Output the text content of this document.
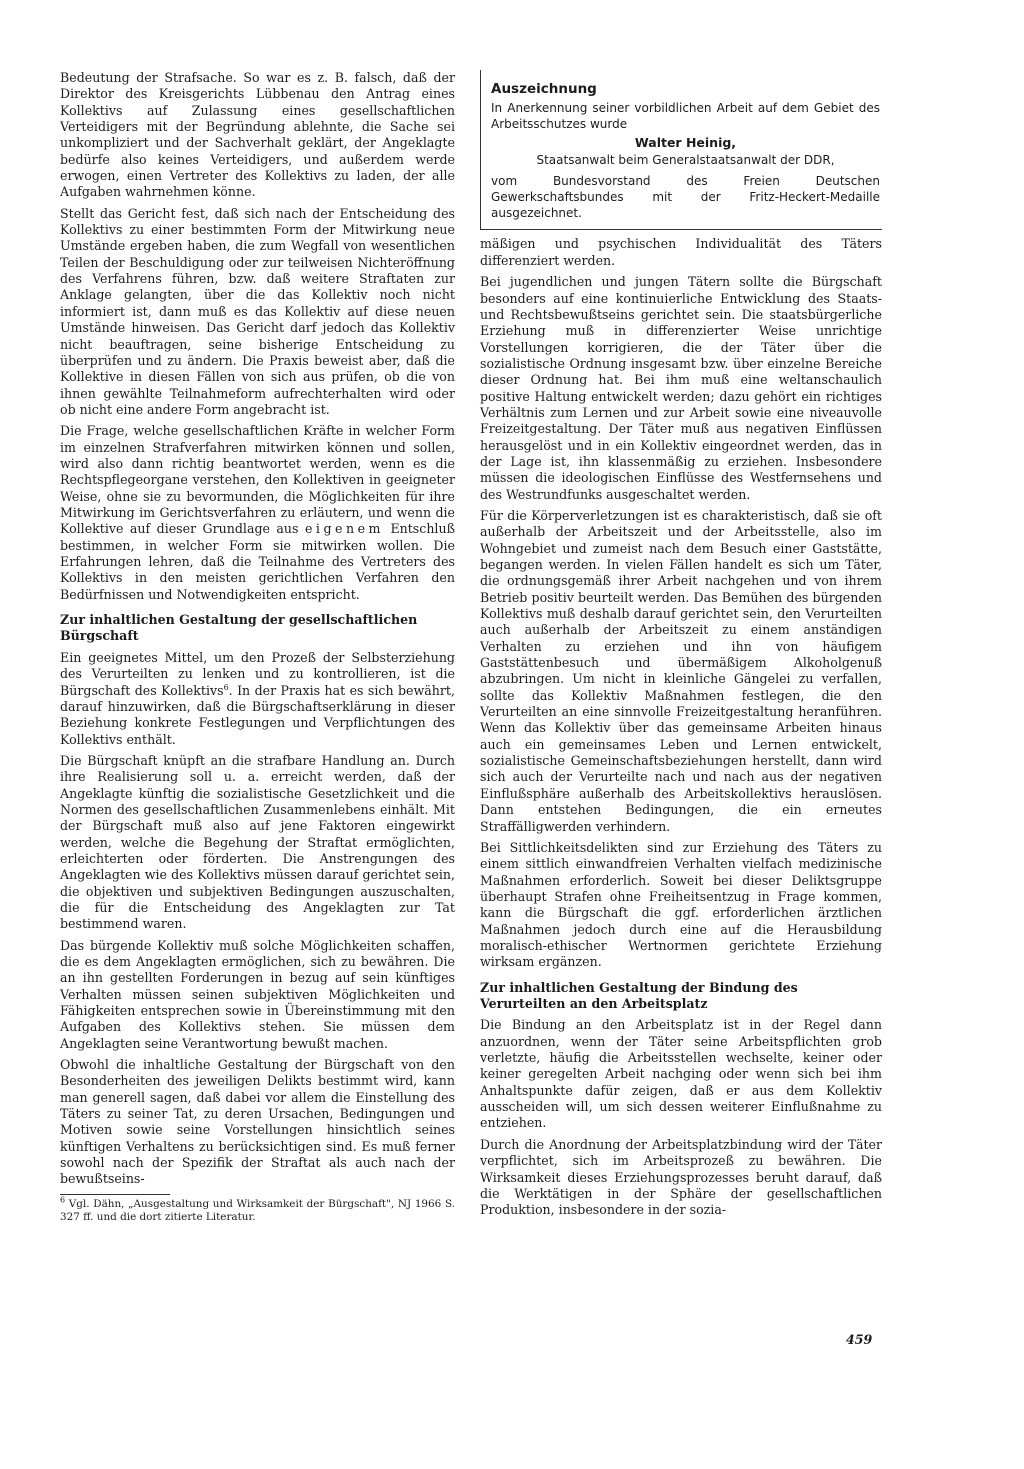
Bedeutung der Strafsache. So war es z. B. falsch, daß der Direktor des Kreisgerichts Lübbenau den Antrag eines Kollektivs auf Zulassung eines gesellschaftlichen Verteidigers mit der Begründung ablehnte, die Sache sei unkompliziert und der Sachverhalt geklärt, der Angeklagte bedürfe also keines Verteidigers, und außerdem werde erwogen, einen Vertreter des Kollektivs zu laden, der alle Aufgaben wahrnehmen könne.

Stellt das Gericht fest, daß sich nach der Entscheidung des Kollektivs zu einer bestimmten Form der Mitwirkung neue Umstände ergeben haben, die zum Wegfall von wesentlichen Teilen der Beschuldigung oder zur teilweisen Nichteröffnung des Verfahrens führen, bzw. daß weitere Straftaten zur Anklage gelangten, über die das Kollektiv noch nicht informiert ist, dann muß es das Kollektiv auf diese neuen Umstände hinweisen. Das Gericht darf jedoch das Kollektiv nicht beauftragen, seine bisherige Entscheidung zu überprüfen und zu ändern. Die Praxis beweist aber, daß die Kollektive in diesen Fällen von sich aus prüfen, ob die von ihnen gewählte Teilnahmeform aufrechterhalten wird oder ob nicht eine andere Form angebracht ist.

Die Frage, welche gesellschaftlichen Kräfte in welcher Form im einzelnen Strafverfahren mitwirken können und sollen, wird also dann richtig beantwortet werden, wenn es die Rechtspflegeorgane verstehen, den Kollektiven in geeigneter Weise, ohne sie zu bevormunden, die Möglichkeiten für ihre Mitwirkung im Gerichtsverfahren zu erläutern, und wenn die Kollektive auf dieser Grundlage aus eigenem Entschluß bestimmen, in welcher Form sie mitwirken wollen. Die Erfahrungen lehren, daß die Teilnahme des Vertreters des Kollektivs in den meisten gerichtlichen Verfahren den Bedürfnissen und Notwendigkeiten entspricht.

Zur inhaltlichen Gestaltung der gesellschaftlichen Bürgschaft

Ein geeignetes Mittel, um den Prozeß der Selbsterziehung des Verurteilten zu lenken und zu kontrollieren, ist die Bürgschaft des Kollektivs$^6$. In der Praxis hat es sich bewährt, darauf hinzuwirken, daß die Bürgschaftserklärung in dieser Beziehung konkrete Festlegungen und Verpflichtungen des Kollektivs enthält.

Die Bürgschaft knüpft an die strafbare Handlung an. Durch ihre Realisierung soll u. a. erreicht werden, daß der Angeklagte künftig die sozialistische Gesetzlichkeit und die Normen des gesellschaftlichen Zusammenlebens einhält. Mit der Bürgschaft muß also auf jene Faktoren eingewirkt werden, welche die Begehung der Straftat ermöglichten, erleichterten oder förderten. Die Anstrengungen des Angeklagten wie des Kollektivs müssen darauf gerichtet sein, die objektiven und subjektiven Bedingungen auszuschalten, die für die Entscheidung des Angeklagten zur Tat bestimmend waren.

Das bürgende Kollektiv muß solche Möglichkeiten schaffen, die es dem Angeklagten ermöglichen, sich zu bewähren. Die an ihn gestellten Forderungen in bezug auf sein künftiges Verhalten müssen seinen subjektiven Möglichkeiten und Fähigkeiten entsprechen sowie in Übereinstimmung mit den Aufgaben des Kollektivs stehen. Sie müssen dem Angeklagten seine Verantwortung bewußt machen.

Obwohl die inhaltliche Gestaltung der Bürgschaft von den Besonderheiten des jeweiligen Delikts bestimmt wird, kann man generell sagen, daß dabei vor allem die Einstellung des Täters zu seiner Tat, zu deren Ursachen, Bedingungen und Motiven sowie seine Vorstellungen hinsichtlich seines künftigen Verhaltens zu berücksichtigen sind. Es muß ferner sowohl nach der Spezifik der Straftat als auch nach der bewußtseins-

$^6$ Vgl. Dähn, „Ausgestaltung und Wirksamkeit der Bürgschaft", NJ 1966 S. 327 ff. und die dort zitierte Literatur.

Auszeichnung

In Anerkennung seiner vorbildlichen Arbeit auf dem Gebiet des Arbeitsschutzes wurde

Walter Heinig,

Staatsanwalt beim Generalstaatsanwalt der DDR,

vom Bundesvorstand des Freien Deutschen Gewerkschaftsbundes mit der Fritz-Heckert-Medaille ausgezeichnet.

mäßigen und psychischen Individualität des Täters differenziert werden.

Bei jugendlichen und jungen Tätern sollte die Bürgschaft besonders auf eine kontinuierliche Entwicklung des Staats- und Rechtsbewußtseins gerichtet sein. Die staatsbürgerliche Erziehung muß in differenzierter Weise unrichtige Vorstellungen korrigieren, die der Täter über die sozialistische Ordnung insgesamt bzw. über einzelne Bereiche dieser Ordnung hat. Bei ihm muß eine weltanschaulich positive Haltung entwickelt werden; dazu gehört ein richtiges Verhältnis zum Lernen und zur Arbeit sowie eine niveauvolle Freizeitgestaltung. Der Täter muß aus negativen Einflüssen herausgelöst und in ein Kollektiv eingeordnet werden, das in der Lage ist, ihn klassenmäßig zu erziehen. Insbesondere müssen die ideologischen Einflüsse des Westfernsehens und des Westrundfunks ausgeschaltet werden.

Für die Körperverletzungen ist es charakteristisch, daß sie oft außerhalb der Arbeitszeit und der Arbeitsstelle, also im Wohngebiet und zumeist nach dem Besuch einer Gaststätte, begangen werden. In vielen Fällen handelt es sich um Täter, die ordnungsgemäß ihrer Arbeit nachgehen und von ihrem Betrieb positiv beurteilt werden. Das Bemühen des bürgenden Kollektivs muß deshalb darauf gerichtet sein, den Verurteilten auch außerhalb der Arbeitszeit zu einem anständigen Verhalten zu erziehen und ihn von häufigem Gaststättenbesuch und übermäßigem Alkoholgenuß abzubringen. Um nicht in kleinliche Gängelei zu verfallen, sollte das Kollektiv Maßnahmen festlegen, die den Verurteilten an eine sinnvolle Freizeitgestaltung heranführen. Wenn das Kollektiv über das gemeinsame Arbeiten hinaus auch ein gemeinsames Leben und Lernen entwickelt, sozialistische Gemeinschaftsbeziehungen herstellt, dann wird sich auch der Verurteilte nach und nach aus der negativen Einflußsphäre außerhalb des Arbeitskollektivs herauslösen. Dann entstehen Bedingungen, die ein erneutes Straffälligwerden verhindern.

Bei Sittlichkeitsdelikten sind zur Erziehung des Täters zu einem sittlich einwandfreien Verhalten vielfach medizinische Maßnahmen erforderlich. Soweit bei dieser Deliktsgruppe überhaupt Strafen ohne Freiheitsentzug in Frage kommen, kann die Bürgschaft die ggf. erforderlichen ärztlichen Maßnahmen jedoch durch eine auf die Herausbildung moralisch-ethischer Wertnormen gerichtete Erziehung wirksam ergänzen.

Zur inhaltlichen Gestaltung der Bindung des Verurteilten an den Arbeitsplatz

Die Bindung an den Arbeitsplatz ist in der Regel dann anzuordnen, wenn der Täter seine Arbeitspflichten grob verletzte, häufig die Arbeitsstellen wechselte, keiner oder keiner geregelten Arbeit nachging oder wenn sich bei ihm Anhaltspunkte dafür zeigen, daß er aus dem Kollektiv ausscheiden will, um sich dessen weiterer Einflußnahme zu entziehen.

Durch die Anordnung der Arbeitsplatzbindung wird der Täter verpflichtet, sich im Arbeitsprozeß zu bewähren. Die Wirksamkeit dieses Erziehungsprozesses beruht darauf, daß die Werktätigen in der Sphäre der gesellschaftlichen Produktion, insbesondere in der sozia-

459
